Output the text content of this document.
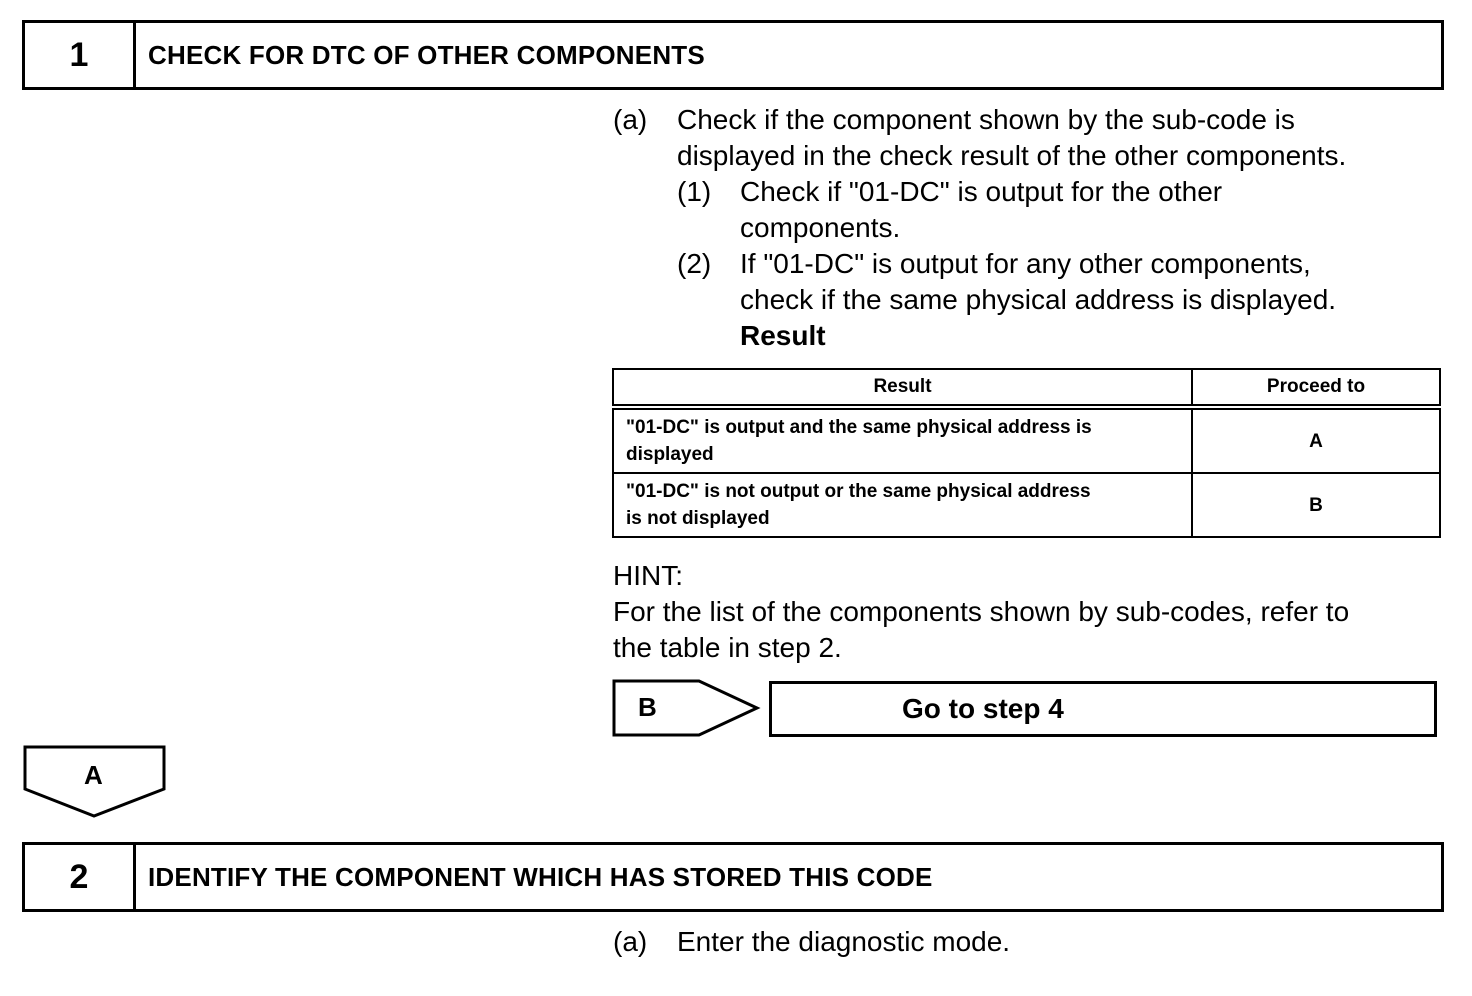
1	CHECK FOR DTC OF OTHER COMPONENTS
(a) Check if the component shown by the sub-code is
displayed in the check result of the other components.
(1) Check if "01-DC" is output for the other
components.
(2) If "01-DC" is output for any other components,
check if the same physical address is displayed.
Result
Result	Proceed to
"01-DC" is output and the same physical address is
displayed	A
"01-DC" is not output or the same physical address
is not displayed	B
HINT:
For the list of the components shown by sub-codes, refer to
the table in step 2.
B	Go to step 4
A
2	IDENTIFY THE COMPONENT WHICH HAS STORED THIS CODE
(a) Enter the diagnostic mode.
